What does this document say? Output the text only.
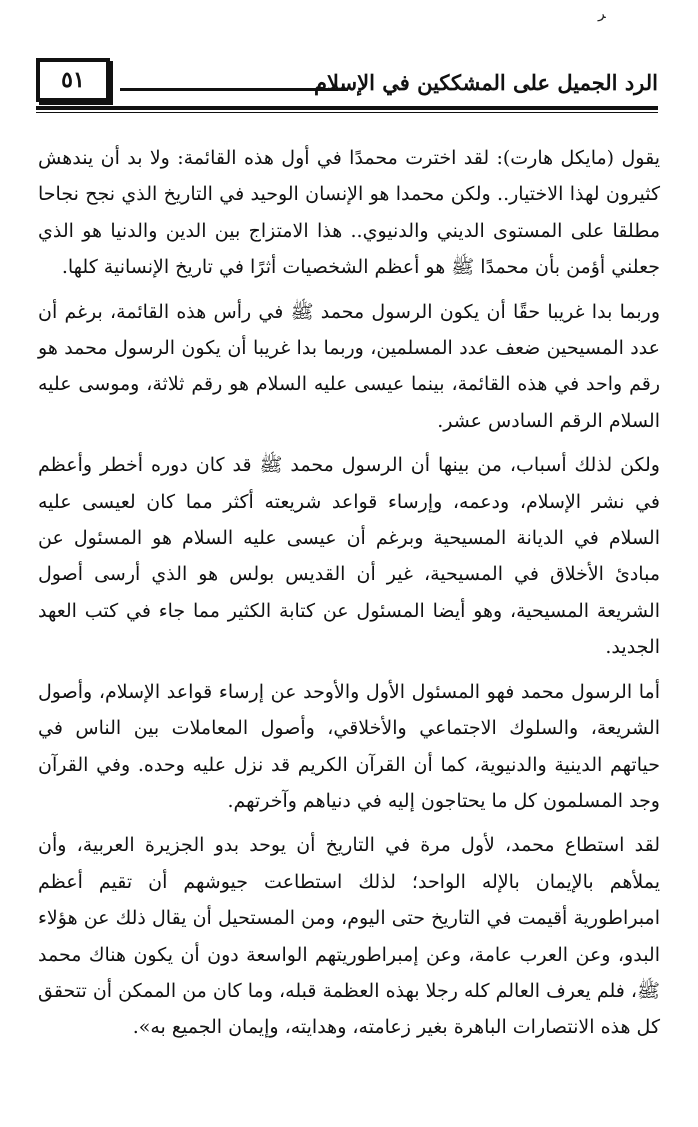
ﺮ
٥١	الرد الجميل على المشككين في الإسلام

يقول (مايكل هارت): لقد اخترت محمدًا في أول هذه القائمة: ولا بد أن يندهش كثيرون لهذا الاختيار.. ولكن محمدا هو الإنسان الوحيد في التاريخ الذي نجح نجاحا مطلقا على المستوى الديني والدنيوي.. هذا الامتزاج بين الدين والدنيا هو الذي جعلني أؤمن بأن محمدًا ﷺ هو أعظم الشخصيات أثرًا في تاريخ الإنسانية كلها.

وربما بدا غريبا حقًا أن يكون الرسول محمد ﷺ في رأس هذه القائمة، برغم أن عدد المسيحين ضعف عدد المسلمين، وربما بدا غريبا أن يكون الرسول محمد هو رقم واحد في هذه القائمة، بينما عيسى عليه السلام هو رقم ثلاثة، وموسى عليه السلام الرقم السادس عشر.

ولكن لذلك أسباب، من بينها أن الرسول محمد ﷺ قد كان دوره أخطر وأعظم في نشر الإسلام، ودعمه، وإرساء قواعد شريعته أكثر مما كان لعيسى عليه السلام في الديانة المسيحية وبرغم أن عيسى عليه السلام هو المسئول عن مبادئ الأخلاق في المسيحية، غير أن القديس بولس هو الذي أرسى أصول الشريعة المسيحية، وهو أيضا المسئول عن كتابة الكثير مما جاء في كتب العهد الجديد.

أما الرسول محمد فهو المسئول الأول والأوحد عن إرساء قواعد الإسلام، وأصول الشريعة، والسلوك الاجتماعي والأخلاقي، وأصول المعاملات بين الناس في حياتهم الدينية والدنيوية، كما أن القرآن الكريم قد نزل عليه وحده. وفي القرآن وجد المسلمون كل ما يحتاجون إليه في دنياهم وآخرتهم.

لقد استطاع محمد، لأول مرة في التاريخ أن يوحد بدو الجزيرة العربية، وأن يملأهم بالإيمان بالإله الواحد؛ لذلك استطاعت جيوشهم أن تقيم أعظم امبراطورية أقيمت في التاريخ حتى اليوم، ومن المستحيل أن يقال ذلك عن هؤلاء البدو، وعن العرب عامة، وعن إمبراطوريتهم الواسعة دون أن يكون هناك محمد ﷺ، فلم يعرف العالم كله رجلا بهذه العظمة قبله، وما كان من الممكن أن تتحقق كل هذه الانتصارات الباهرة بغير زعامته، وهدايته، وإيمان الجميع به».
